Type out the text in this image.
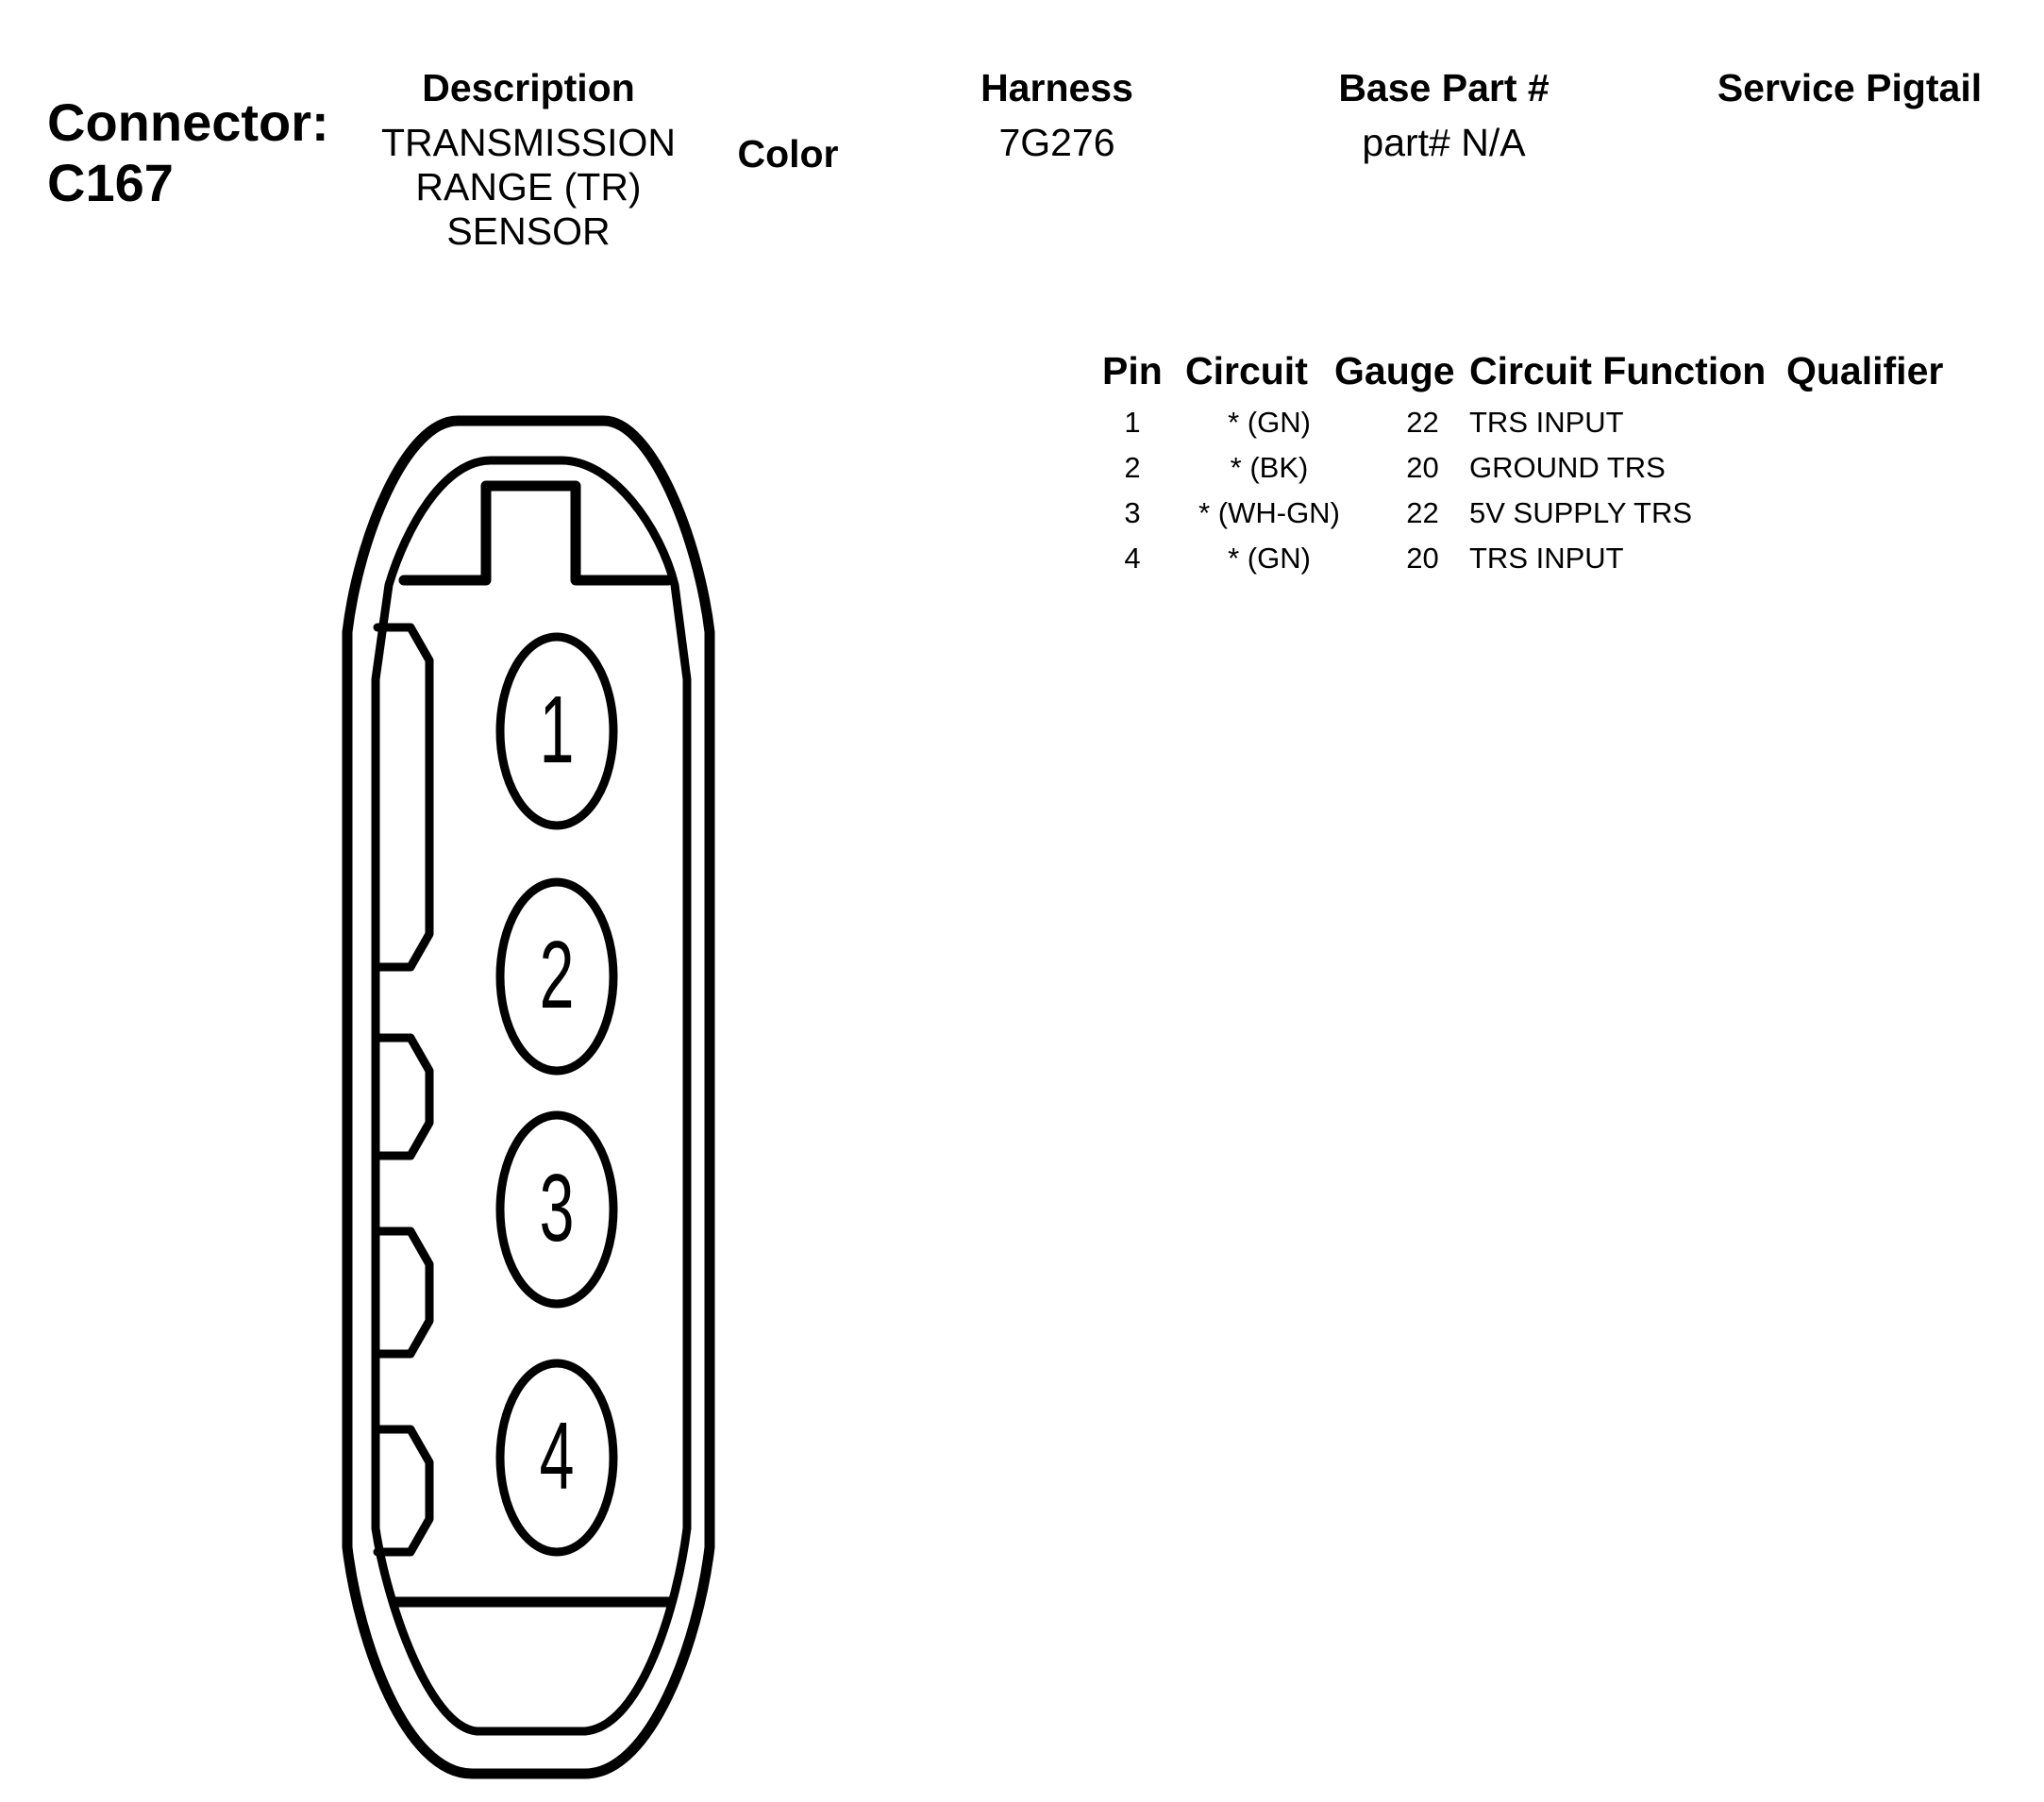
Connector:
C167
Description
TRANSMISSION
RANGE (TR)
SENSOR
Color
Harness
7G276
Base Part #
part# N/A
Service Pigtail
Pin Circuit Gauge Circuit Function Qualifier
1	* (GN)	22	TRS INPUT
2	* (BK)	20	GROUND TRS
3	* (WH-GN)	22	5V SUPPLY TRS
4	* (GN)	20	TRS INPUT
1
2
3
4
